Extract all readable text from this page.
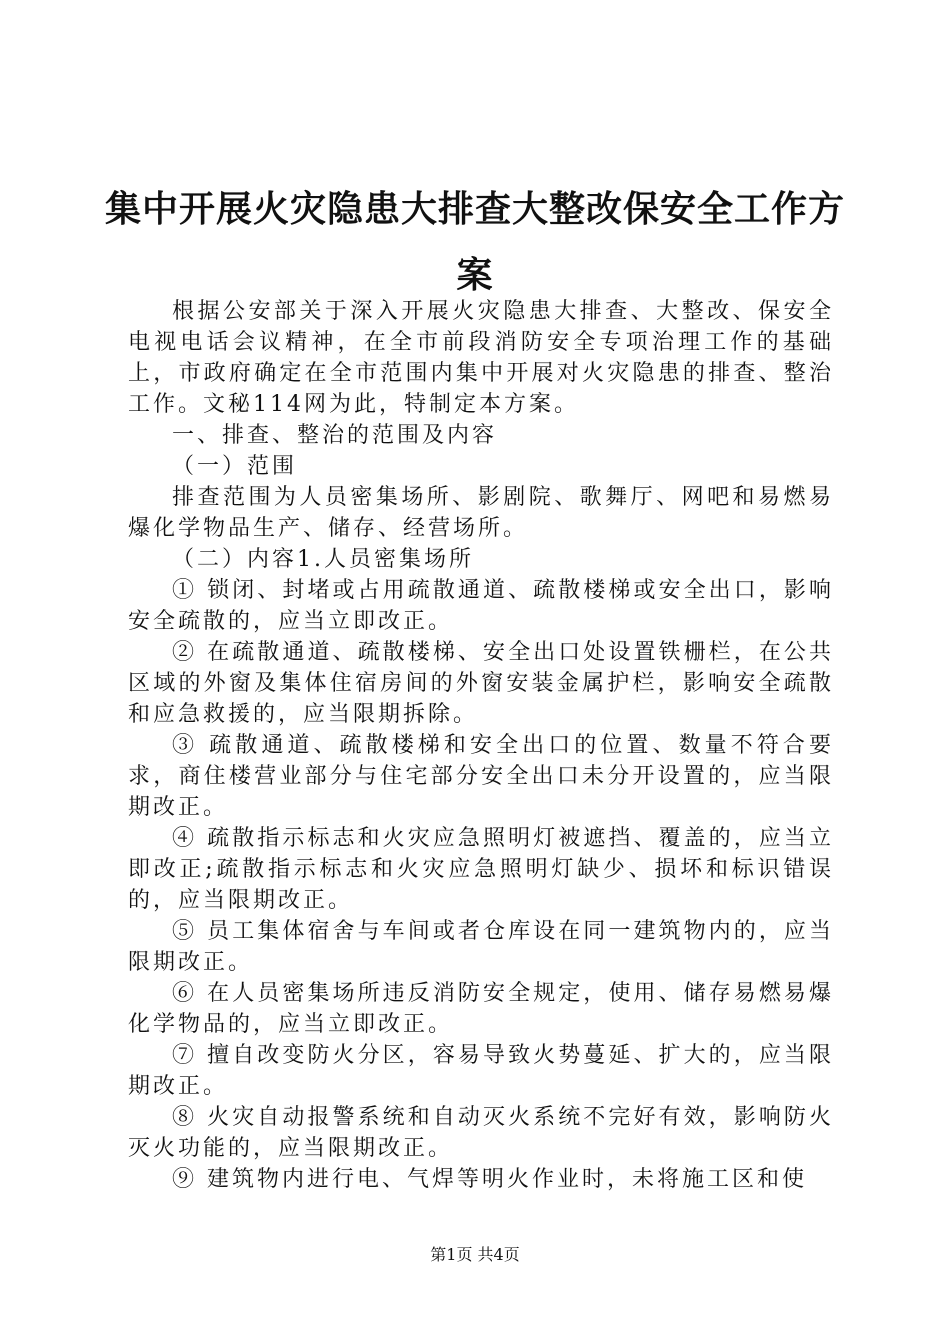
集中开展火灾隐患大排查大整改保安全工作方
案

根据公安部关于深入开展火灾隐患大排查、大整改、保安全电视电话会议精神，在全市前段消防安全专项治理工作的基础上，市政府确定在全市范围内集中开展对火灾隐患的排查、整治工作。文秘114网为此，特制定本方案。

一、排查、整治的范围及内容

（一）范围

排查范围为人员密集场所、影剧院、歌舞厅、网吧和易燃易爆化学物品生产、储存、经营场所。

（二）内容1.人员密集场所

① 锁闭、封堵或占用疏散通道、疏散楼梯或安全出口，影响安全疏散的，应当立即改正。

② 在疏散通道、疏散楼梯、安全出口处设置铁栅栏，在公共区域的外窗及集体住宿房间的外窗安装金属护栏，影响安全疏散和应急救援的，应当限期拆除。

③ 疏散通道、疏散楼梯和安全出口的位置、数量不符合要求，商住楼营业部分与住宅部分安全出口未分开设置的，应当限期改正。

④ 疏散指示标志和火灾应急照明灯被遮挡、覆盖的，应当立即改正;疏散指示标志和火灾应急照明灯缺少、损坏和标识错误的，应当限期改正。

⑤ 员工集体宿舍与车间或者仓库设在同一建筑物内的，应当限期改正。

⑥ 在人员密集场所违反消防安全规定，使用、储存易燃易爆化学物品的，应当立即改正。

⑦ 擅自改变防火分区，容易导致火势蔓延、扩大的，应当限期改正。

⑧ 火灾自动报警系统和自动灭火系统不完好有效，影响防火灭火功能的，应当限期改正。

⑨ 建筑物内进行电、气焊等明火作业时，未将施工区和使

第1页 共4页
